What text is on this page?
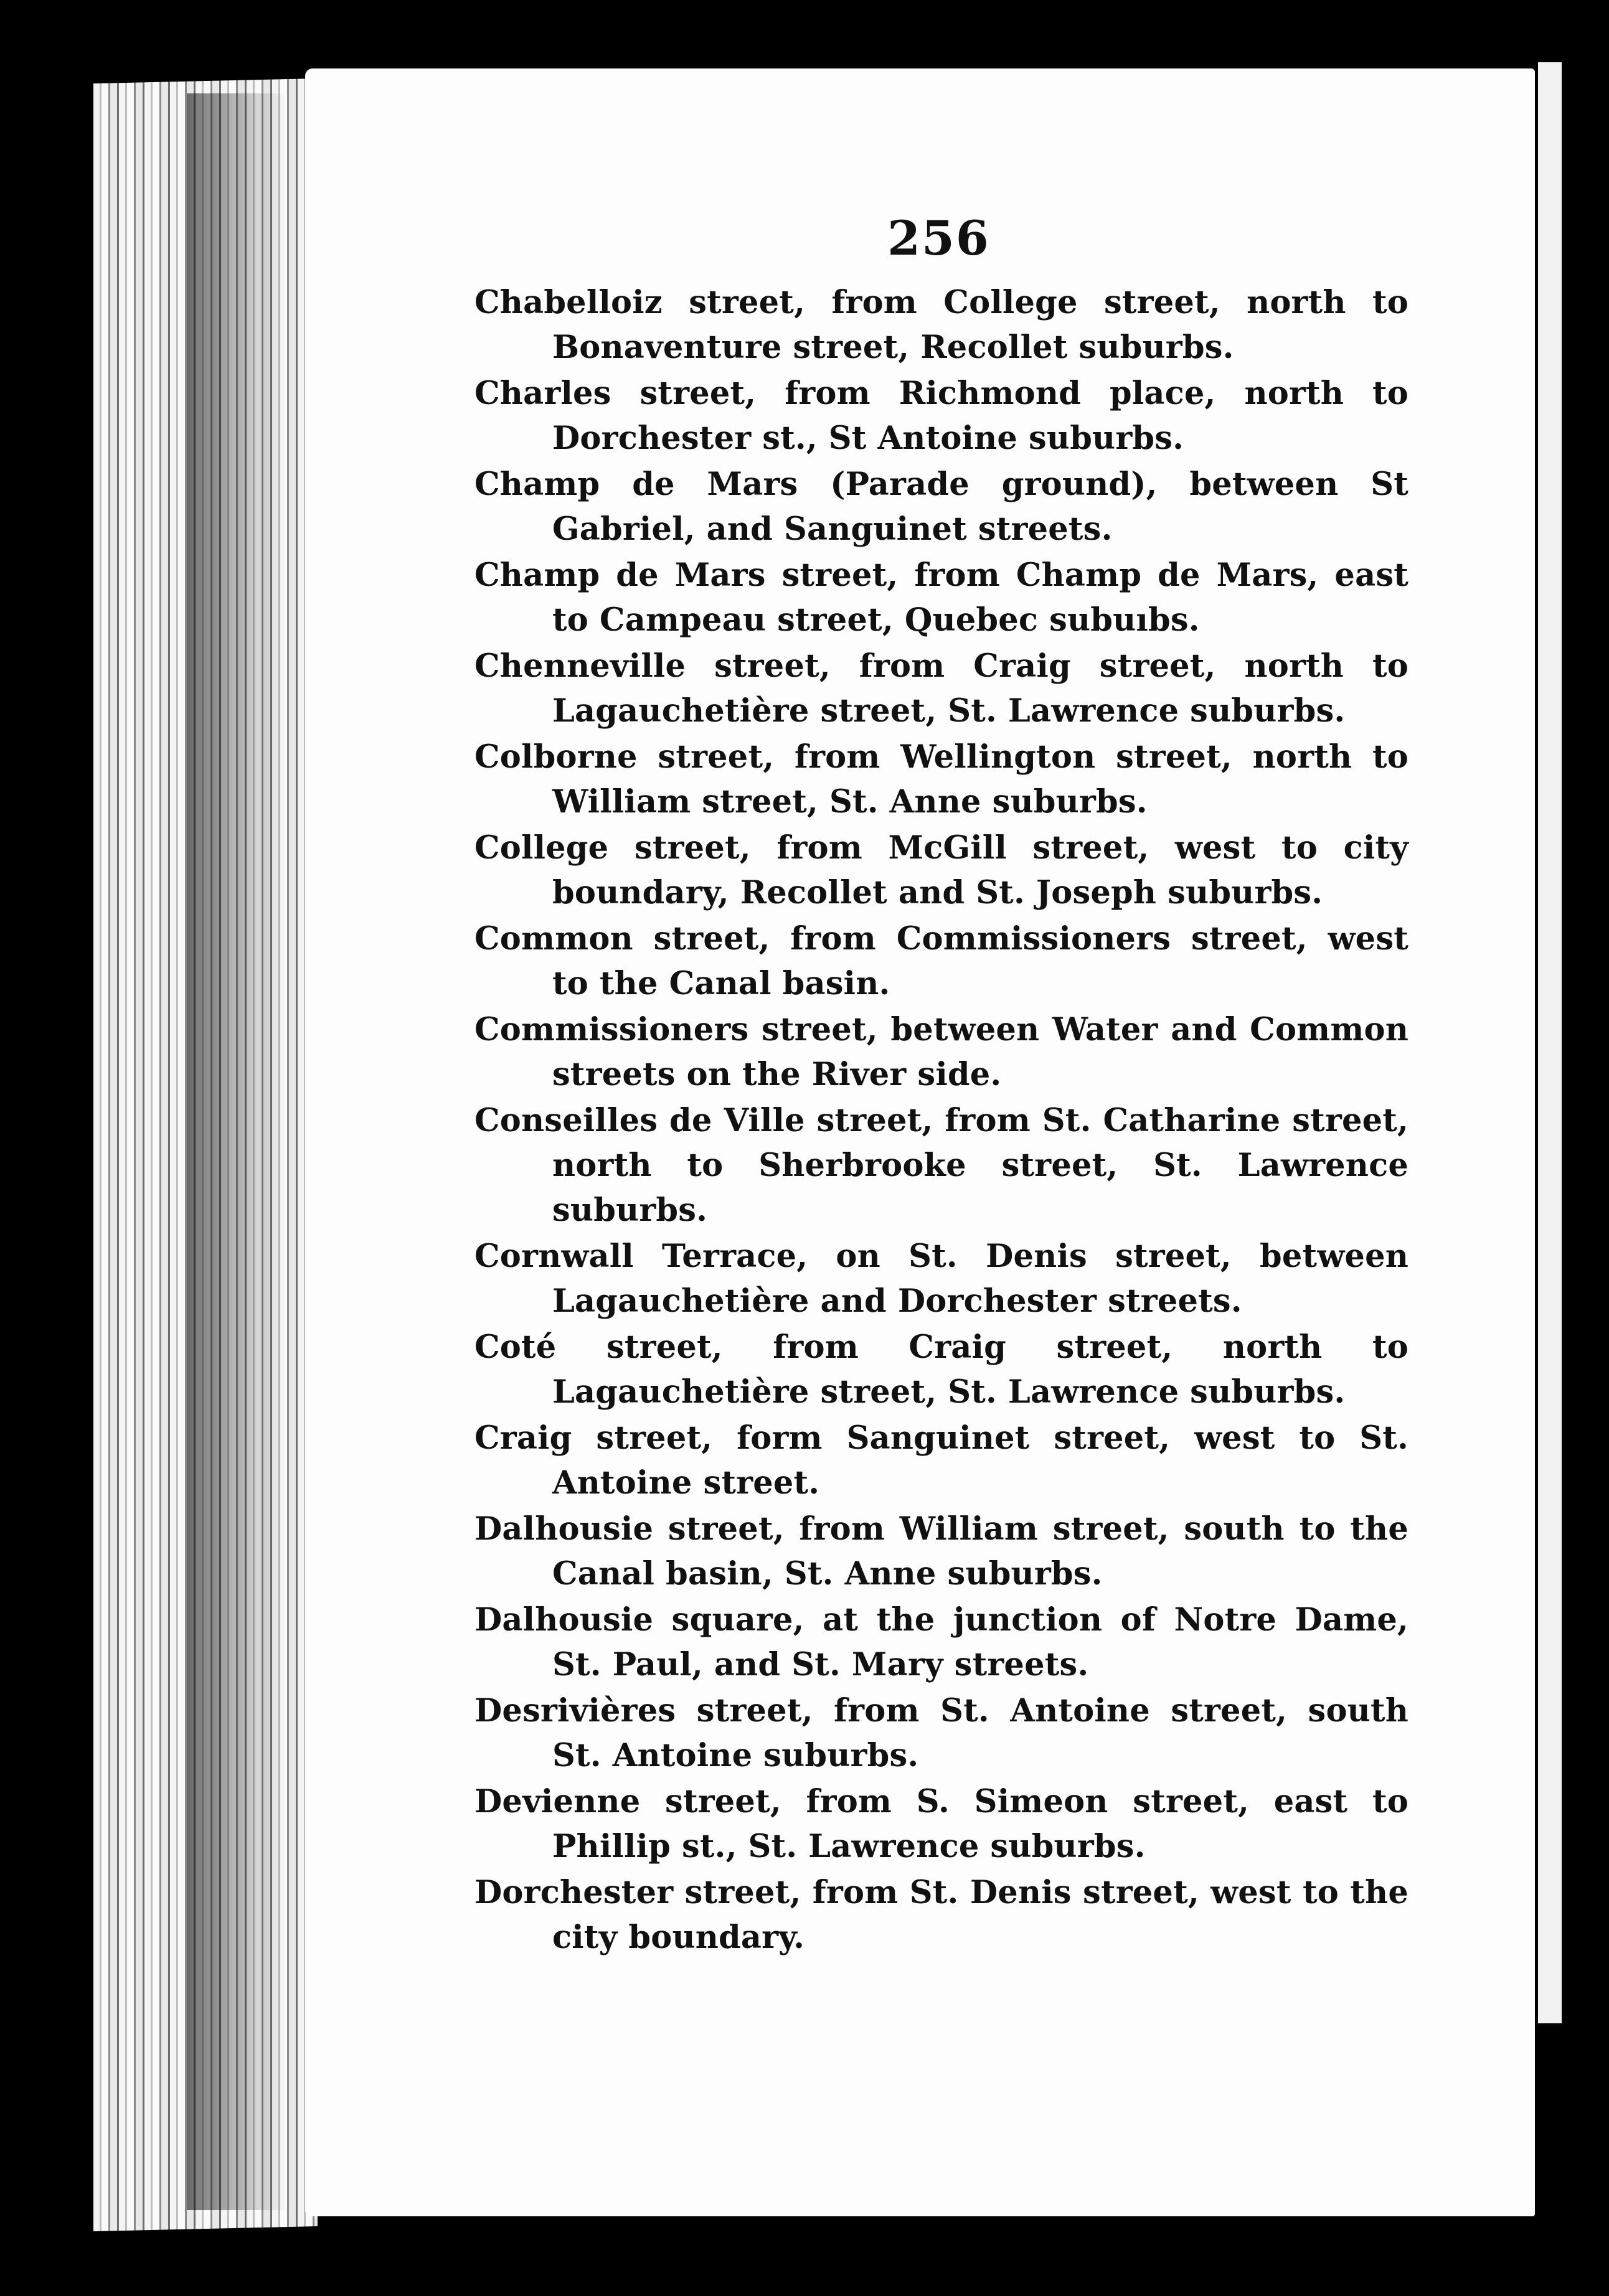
256

Chabelloiz street, from College street, north to Bonaventure street, Recollet suburbs.

Charles street, from Richmond place, north to Dorchester st., St Antoine suburbs.

Champ de Mars (Parade ground), between St Gabriel, and Sanguinet streets.

Champ de Mars street, from Champ de Mars, east to Campeau street, Quebec subuıbs.

Chenneville street, from Craig street, north to Lagauchetière street, St. Lawrence suburbs.

Colborne street, from Wellington street, north to William street, St. Anne suburbs.

College street, from McGill street, west to city boundary, Recollet and St. Joseph suburbs.

Common street, from Commissioners street, west to the Canal basin.

Commissioners street, between Water and Common streets on the River side.

Conseilles de Ville street, from St. Catharine street, north to Sherbrooke street, St. Lawrence suburbs.

Cornwall Terrace, on St. Denis street, between Lagauchetière and Dorchester streets.

Coté street, from Craig street, north to Lagauchetière street, St. Lawrence suburbs.

Craig street, form Sanguinet street, west to St. Antoine street.

Dalhousie street, from William street, south to the Canal basin, St. Anne suburbs.

Dalhousie square, at the junction of Notre Dame, St. Paul, and St. Mary streets.

Desrivières street, from St. Antoine street, south St. Antoine suburbs.

Devienne street, from S. Simeon street, east to Phillip st., St. Lawrence suburbs.

Dorchester street, from St. Denis street, west to the city boundary.
